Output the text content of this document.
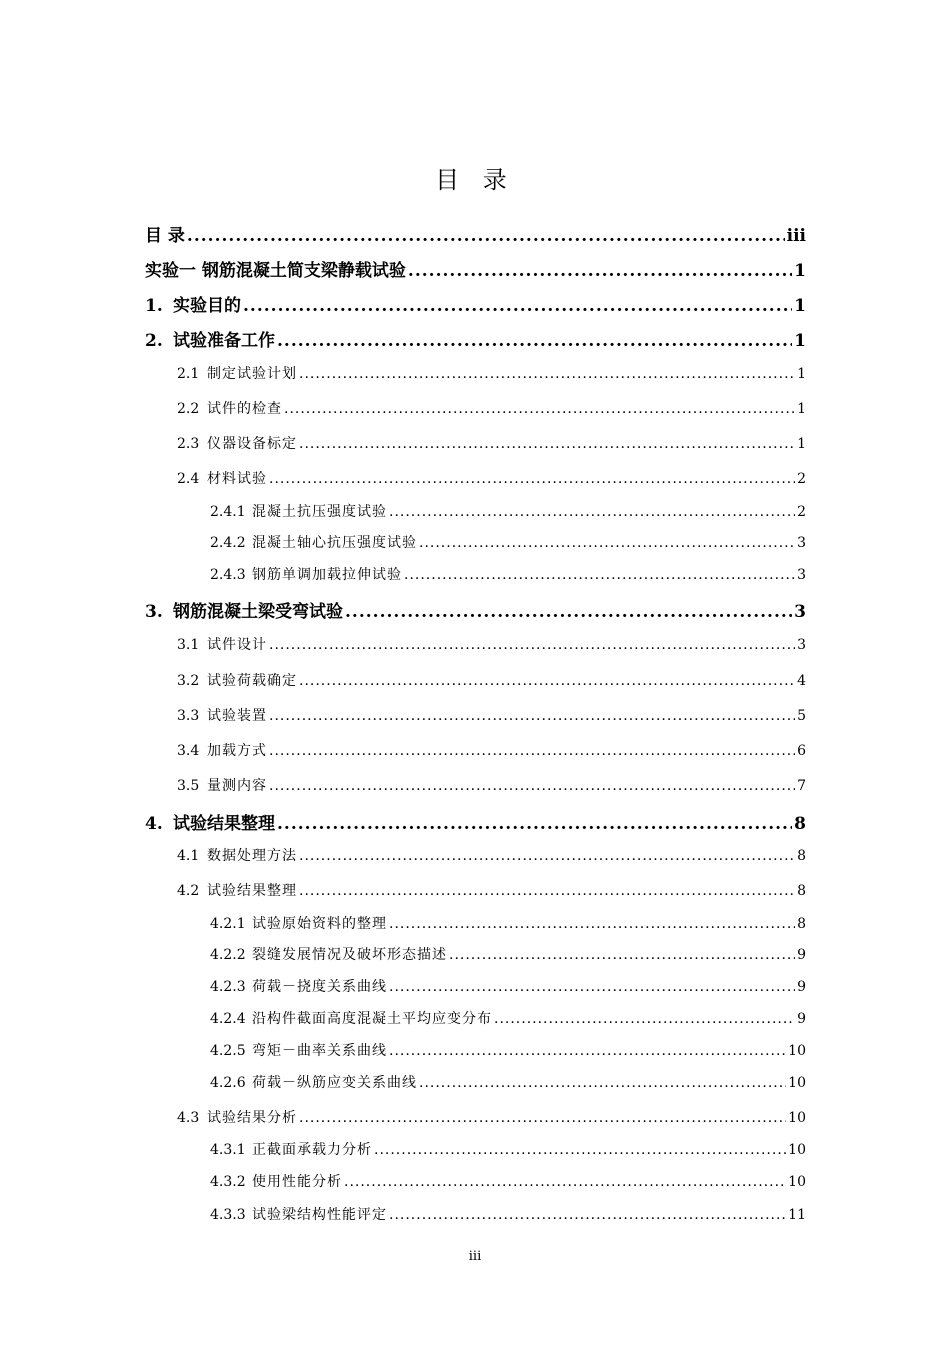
目 录
目 录 .....	iii
实验一 钢筋混凝土简支梁静载试验 .....	1
1. 实验目的 .....	1
2. 试验准备工作 .....	1
2.1 制定试验计划 .....	1
2.2 试件的检查 .....	1
2.3 仪器设备标定 .....	1
2.4 材料试验 .....	2
2.4.1 混凝土抗压强度试验 .....	2
2.4.2 混凝土轴心抗压强度试验 .....	3
2.4.3 钢筋单调加载拉伸试验 .....	3
3. 钢筋混凝土梁受弯试验 .....	3
3.1 试件设计 .....	3
3.2 试验荷载确定 .....	4
3.3 试验装置 .....	5
3.4 加载方式 .....	6
3.5 量测内容 .....	7
4. 试验结果整理 .....	8
4.1 数据处理方法 .....	8
4.2 试验结果整理 .....	8
4.2.1 试验原始资料的整理 .....	8
4.2.2 裂缝发展情况及破坏形态描述 .....	9
4.2.3 荷载－挠度关系曲线 .....	9
4.2.4 沿构件截面高度混凝土平均应变分布 .....	9
4.2.5 弯矩－曲率关系曲线 .....	10
4.2.6 荷载－纵筋应变关系曲线 .....	10
4.3 试验结果分析 .....	10
4.3.1 正截面承载力分析 .....	10
4.3.2 使用性能分析 .....	10
4.3.3 试验梁结构性能评定 .....	11
iii
